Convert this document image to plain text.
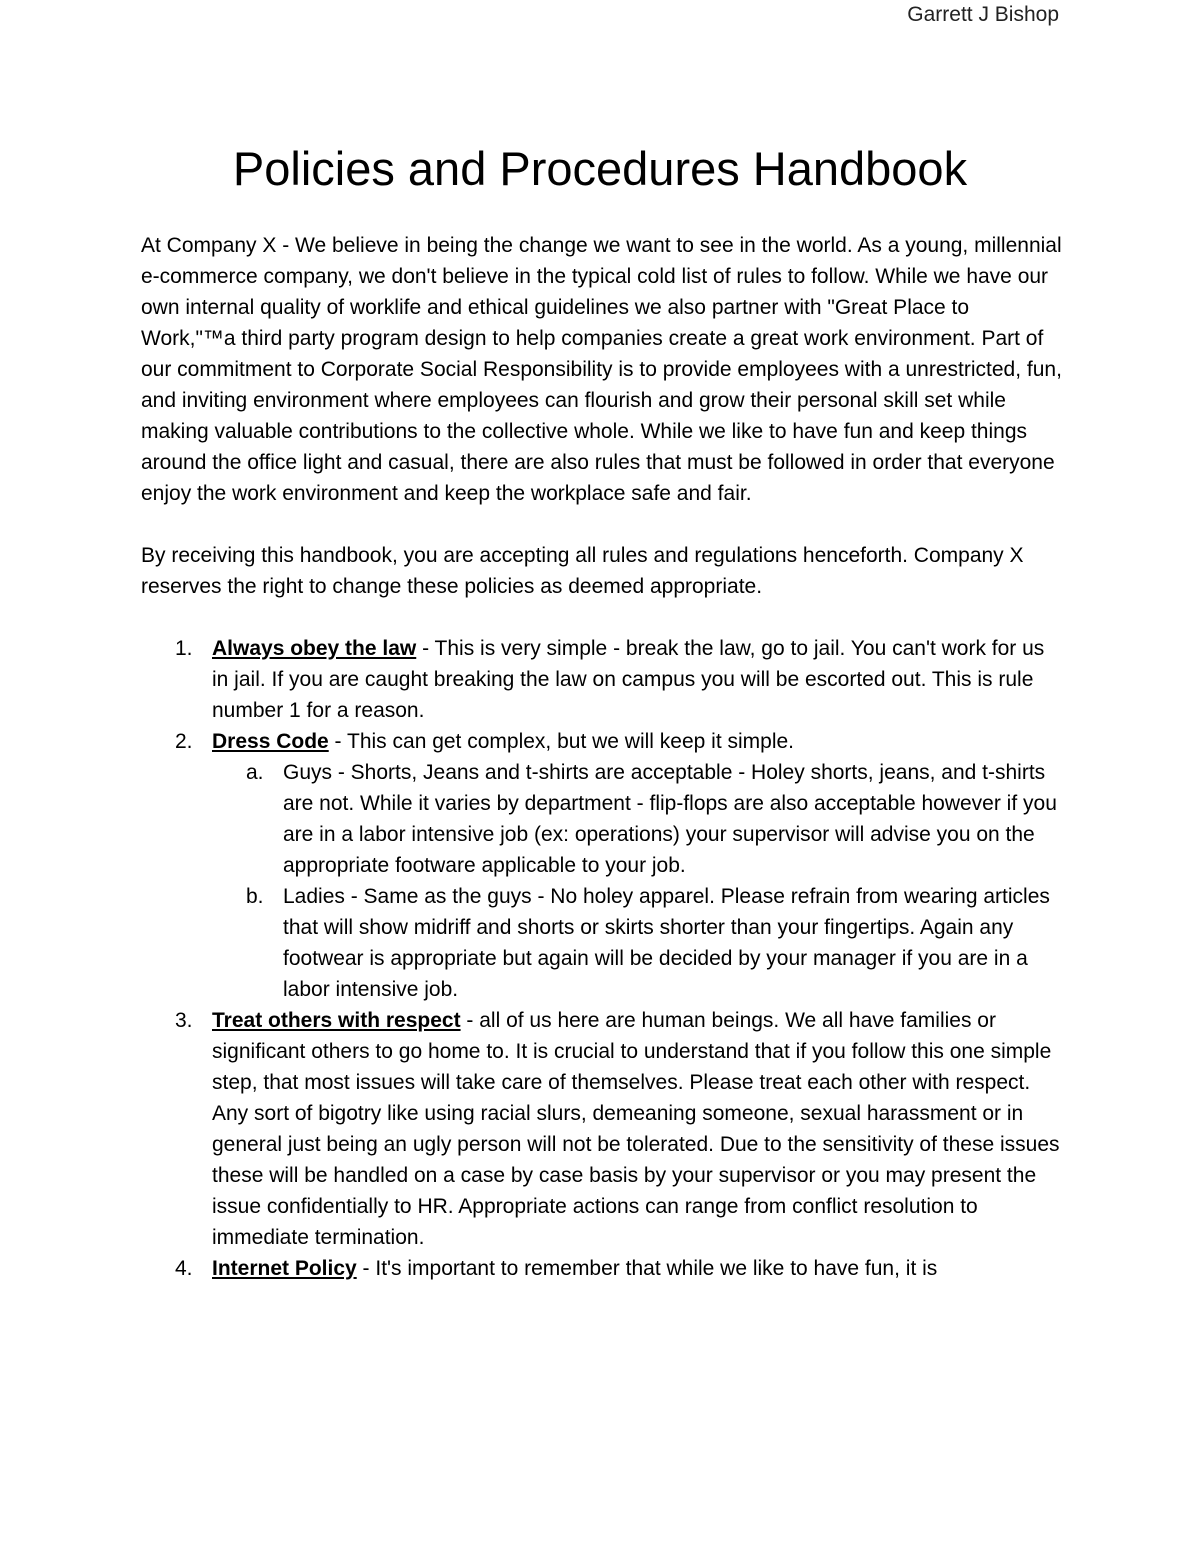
Garrett J Bishop
Policies and Procedures Handbook

At Company X - We believe in being the change we want to see in the world. As a young, millennial e-commerce company, we don't believe in the typical cold list of rules to follow. While we have our own internal quality of worklife and ethical guidelines we also partner with "Great Place to Work,"™a third party program design to help companies create a great work environment. Part of our commitment to Corporate Social Responsibility is to provide employees with a unrestricted, fun, and inviting environment where employees can flourish and grow their personal skill set while making valuable contributions to the collective whole. While we like to have fun and keep things around the office light and casual, there are also rules that must be followed in order that everyone enjoy the work environment and keep the workplace safe and fair.

By receiving this handbook, you are accepting all rules and regulations henceforth. Company X reserves the right to change these policies as deemed appropriate.

1. Always obey the law - This is very simple - break the law, go to jail. You can't work for us in jail. If you are caught breaking the law on campus you will be escorted out. This is rule number 1 for a reason.
2. Dress Code - This can get complex, but we will keep it simple.
a. Guys - Shorts, Jeans and t-shirts are acceptable - Holey shorts, jeans, and t-shirts are not. While it varies by department - flip-flops are also acceptable however if you are in a labor intensive job (ex: operations) your supervisor will advise you on the appropriate footware applicable to your job.
b. Ladies - Same as the guys - No holey apparel. Please refrain from wearing articles that will show midriff and shorts or skirts shorter than your fingertips. Again any footwear is appropriate but again will be decided by your manager if you are in a labor intensive job.
3. Treat others with respect - all of us here are human beings. We all have families or significant others to go home to. It is crucial to understand that if you follow this one simple step, that most issues will take care of themselves. Please treat each other with respect. Any sort of bigotry like using racial slurs, demeaning someone, sexual harassment or in general just being an ugly person will not be tolerated. Due to the sensitivity of these issues these will be handled on a case by case basis by your supervisor or you may present the issue confidentially to HR. Appropriate actions can range from conflict resolution to immediate termination.
4. Internet Policy - It's important to remember that while we like to have fun, it is
